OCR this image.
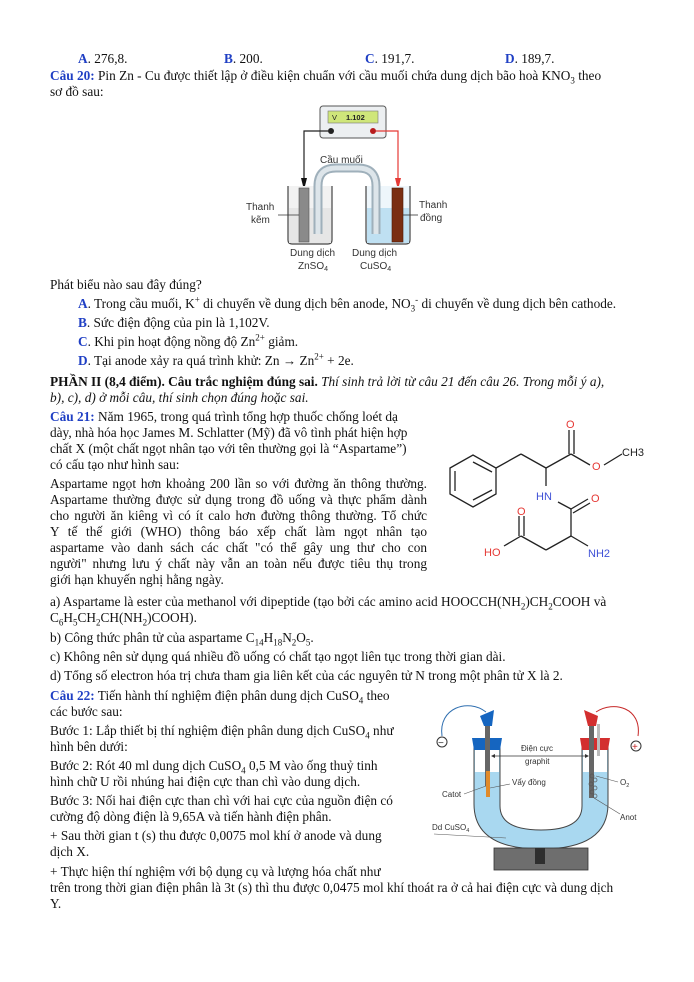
A. 276,8.	B. 200.	C. 191,7.	D. 189,7.
Câu 20: Pin Zn - Cu được thiết lập ở điều kiện chuẩn với cầu muối chứa dung dịch bão hoà $KNO_3$ theo
sơ đồ sau:
V 1.102
Cầu muối
Thanh
kẽm
Thanh
đồng
Dung dịch
ZnSO$_4$
Dung dịch
CuSO$_4$
Phát biểu nào sau đây đúng?
A. Trong cầu muối, K+ di chuyển về dung dịch bên anode, $NO_3^-$ di chuyển về dung dịch bên cathode.
B. Sức điện động của pin là 1,102V.
C. Khi pin hoạt động nồng độ $Zn^{2+}$ giảm.
D. Tại anode xảy ra quá trình khử: $Zn \to Zn^{2+} + 2e$.
PHẦN II (8,4 điểm). Câu trắc nghiệm đúng sai. Thí sinh trả lời từ câu 21 đến câu 26. Trong mỗi ý a),
b), c), d) ở mỗi câu, thí sinh chọn đúng hoặc sai.
Câu 21: Năm 1965, trong quá trình tổng hợp thuốc chống loét dạ
dày, nhà hóa học James M. Schlatter (Mỹ) đã vô tình phát hiện hợp
chất X (một chất ngọt nhân tạo với tên thường gọi là “Aspartame”)
có cấu tạo như hình sau:
Aspartame ngọt hơn khoảng 200 lần so với đường ăn thông thường.
Aspartame thường được sử dụng trong đồ uống và thực phẩm dành
cho người ăn kiêng vì có ít calo hơn đường thông thường. Tổ chức
Y tế thế giới (WHO) thông báo xếp chất làm ngọt nhân tạo
aspartame vào danh sách các chất "có thể gây ung thư cho con
người" nhưng lưu ý chất này vẫn an toàn nếu được tiêu thụ trong
giới hạn khuyến nghị hằng ngày.
O
O
CH3
HN	O
O
HO	NH2
a) Aspartame là ester của methanol với dipeptide (tạo bởi các amino acid $HOOCCH(NH_2)CH_2COOH$ và
$C_6H_5CH_2CH(NH_2)COOH$).
b) Công thức phân tử của aspartame $C_{14}H_{18}N_2O_5$.
c) Không nên sử dụng quá nhiều đồ uống có chất tạo ngọt liên tục trong thời gian dài.
d) Tổng số electron hóa trị chưa tham gia liên kết của các nguyên tử N trong một phân tử X là 2.
Câu 22: Tiến hành thí nghiệm điện phân dung dịch CuSO$_4$ theo
các bước sau:
Bước 1: Lắp thiết bị thí nghiệm điện phân dung dịch CuSO$_4$ như
hình bên dưới:
Bước 2: Rót 40 ml dung dịch CuSO$_4$ 0,5 M vào ống thuỷ tinh
hình chữ U rồi nhúng hai điện cực than chì vào dung dịch.
Bước 3: Nối hai điện cực than chì với hai cực của nguồn điện có
cường độ dòng điện là 9,65A và tiến hành điện phân.
+ Sau thời gian t (s) thu được 0,0075 mol khí ở anode và dung
dịch X.
+ Thực hiện thí nghiệm với bộ dụng cụ và lượng hóa chất như
trên trong thời gian điện phân là 3t (s) thì thu được 0,0475 mol khí thoát ra ở cả hai điện cực và dung dịch
Y.
−	+
Điện cực
graphit
Vẩy đồng	$O_2$
Catot
Anot
Dd CuSO$_4$
